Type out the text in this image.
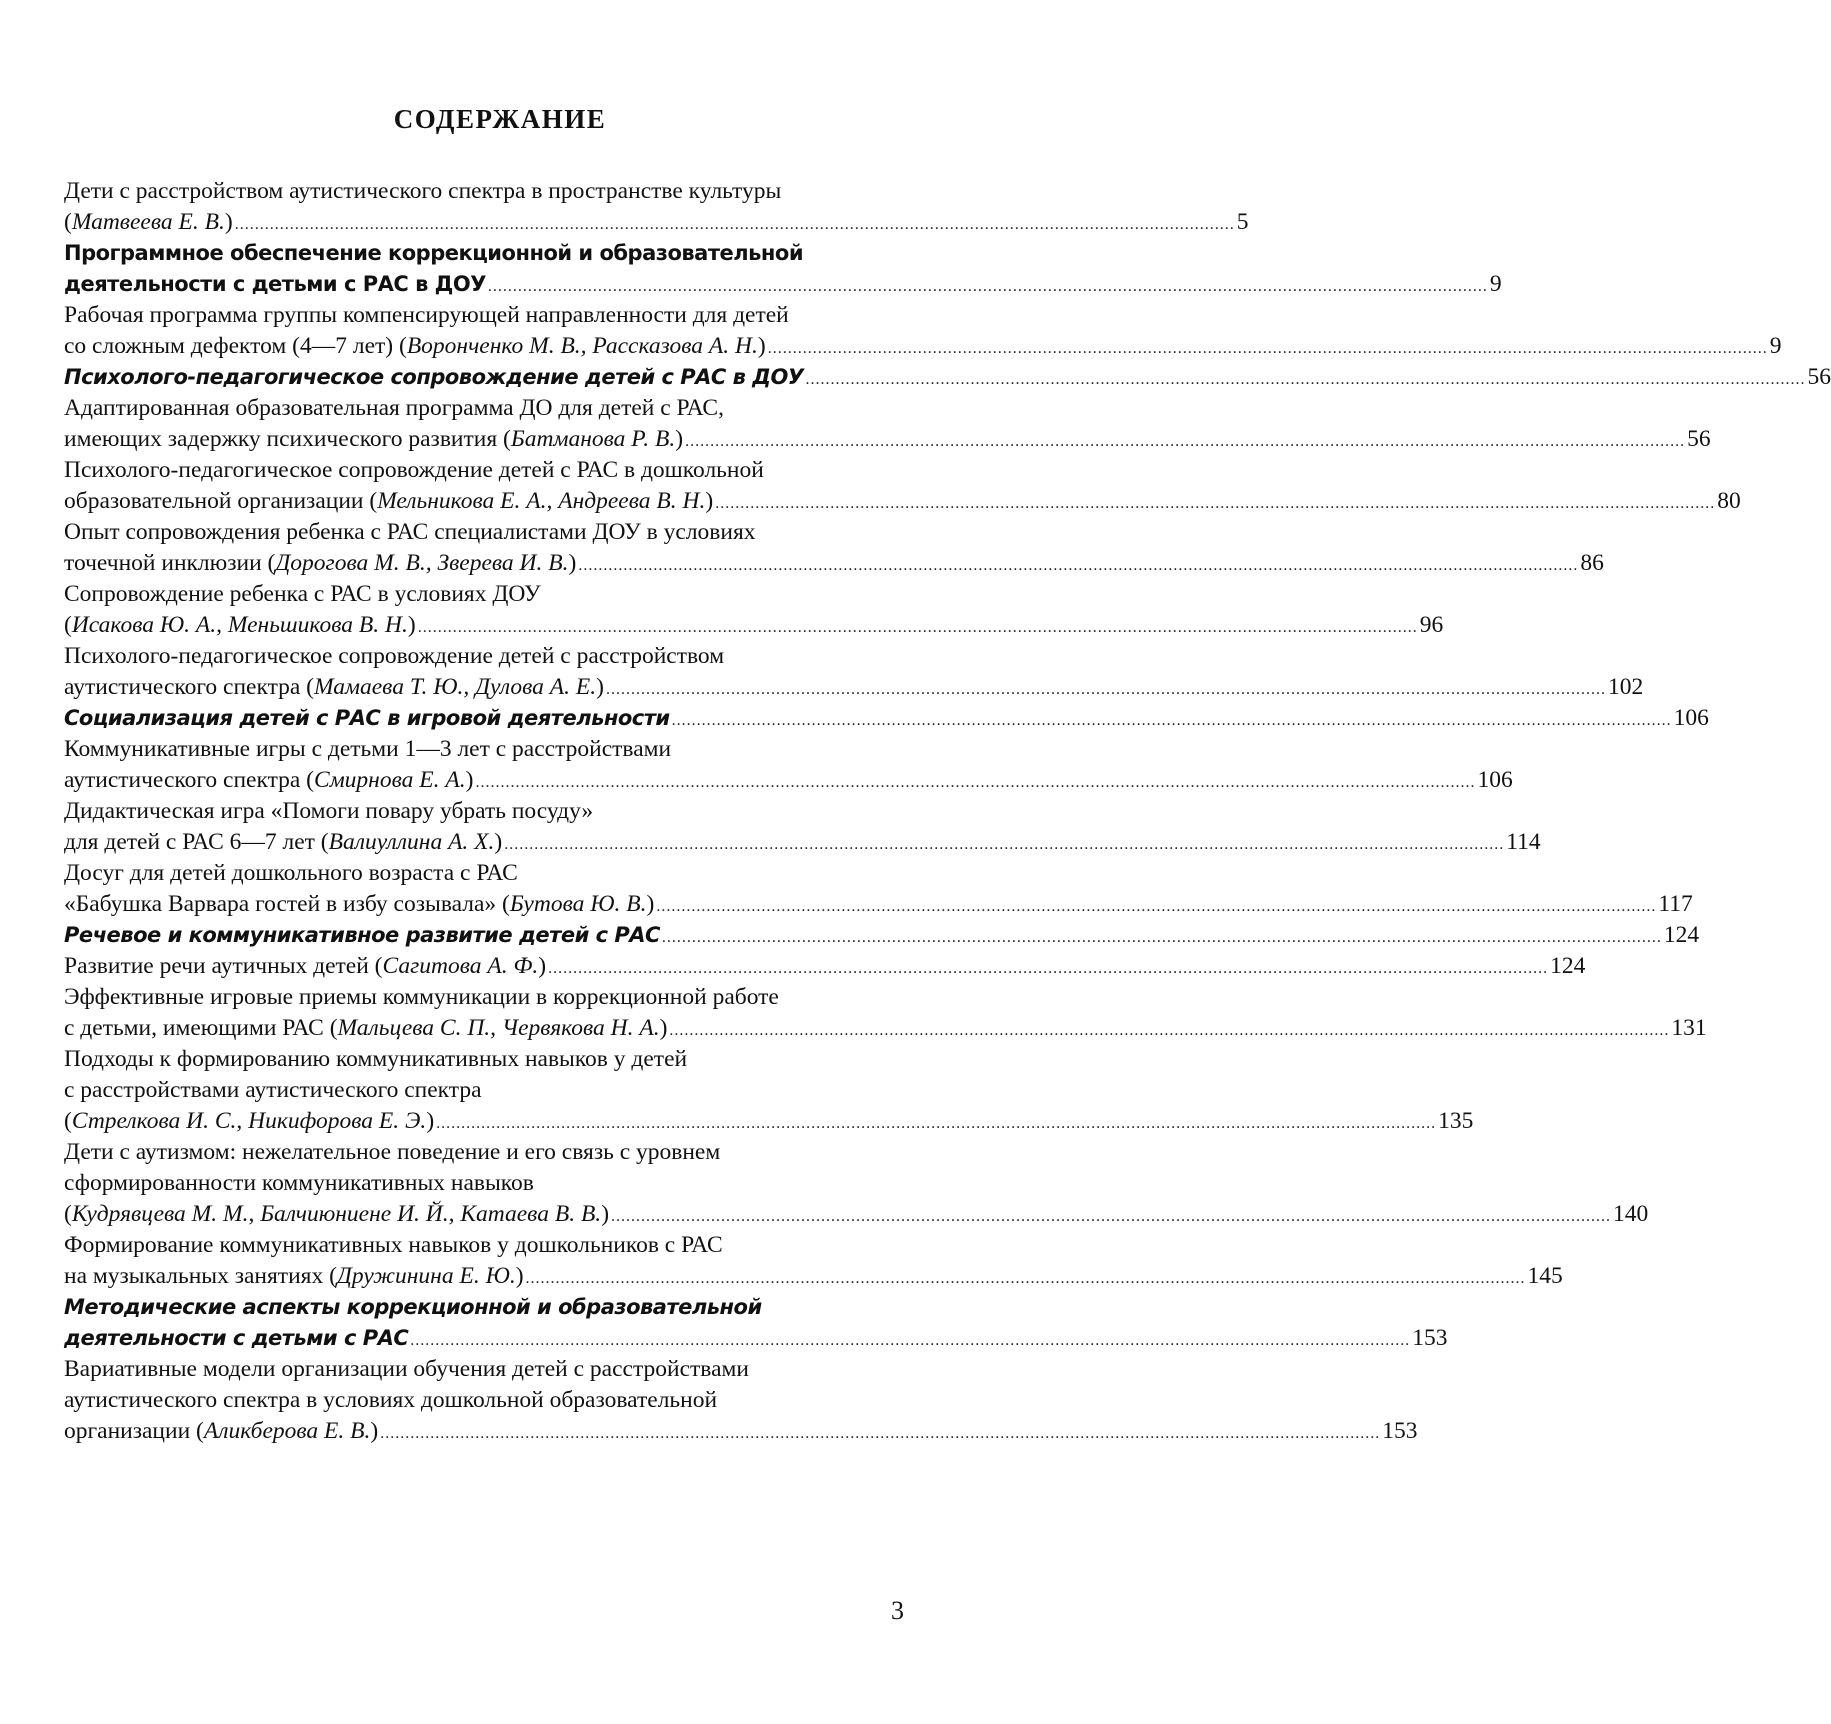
СОДЕРЖАНИЕ
Дети с расстройством аутистического спектра в пространстве культуры
(Матвеева Е. В.) ........................................................................................................................................................................................................ 5
Программное обеспечение коррекционной и образовательной
деятельности с детьми с РАС в ДОУ ........................................................................................................................................................................................................ 9
Рабочая программа группы компенсирующей направленности для детей
со сложным дефектом (4—7 лет) (Воронченко М. В., Рассказова А. Н.) ........................................................................................................................................................................................................ 9
Психолого-педагогическое сопровождение детей с РАС в ДОУ ........................................................................................................................................................................................................ 56
Адаптированная образовательная программа ДО для детей с РАС,
имеющих задержку психического развития (Батманова Р. В.) ........................................................................................................................................................................................................ 56
Психолого-педагогическое сопровождение детей с РАС в дошкольной
образовательной организации (Мельникова Е. А., Андреева В. Н.) ........................................................................................................................................................................................................ 80
Опыт сопровождения ребенка с РАС специалистами ДОУ в условиях
точечной инклюзии (Дорогова М. В., Зверева И. В.) ........................................................................................................................................................................................................ 86
Сопровождение ребенка с РАС в условиях ДОУ
(Исакова Ю. А., Меньшикова В. Н.) ........................................................................................................................................................................................................ 96
Психолого-педагогическое сопровождение детей с расстройством
аутистического спектра (Мамаева Т. Ю., Дулова А. Е.) ........................................................................................................................................................................................................ 102
Социализация детей с РАС в игровой деятельности ........................................................................................................................................................................................................ 106
Коммуникативные игры с детьми 1—3 лет с расстройствами
аутистического спектра (Смирнова Е. А.) ........................................................................................................................................................................................................ 106
Дидактическая игра «Помоги повару убрать посуду»
для детей с РАС 6—7 лет (Валиуллина А. Х.) ........................................................................................................................................................................................................ 114
Досуг для детей дошкольного возраста с РАС
«Бабушка Варвара гостей в избу созывала» (Бутова Ю. В.) ........................................................................................................................................................................................................ 117
Речевое и коммуникативное развитие детей с РАС ........................................................................................................................................................................................................ 124
Развитие речи аутичных детей (Сагитова А. Ф.) ........................................................................................................................................................................................................ 124
Эффективные игровые приемы коммуникации в коррекционной работе
с детьми, имеющими РАС (Мальцева С. П., Червякова Н. А.) ........................................................................................................................................................................................................ 131
Подходы к формированию коммуникативных навыков у детей
с расстройствами аутистического спектра
(Стрелкова И. С., Никифорова Е. Э.) ........................................................................................................................................................................................................ 135
Дети с аутизмом: нежелательное поведение и его связь с уровнем
сформированности коммуникативных навыков
(Кудрявцева М. М., Балчиюниене И. Й., Катаева В. В.) ........................................................................................................................................................................................................ 140
Формирование коммуникативных навыков у дошкольников с РАС
на музыкальных занятиях (Дружинина Е. Ю.) ........................................................................................................................................................................................................ 145
Методические аспекты коррекционной и образовательной
деятельности с детьми с РАС ........................................................................................................................................................................................................ 153
Вариативные модели организации обучения детей с расстройствами
аутистического спектра в условиях дошкольной образовательной
организации (Аликберова Е. В.) ........................................................................................................................................................................................................ 153
3
